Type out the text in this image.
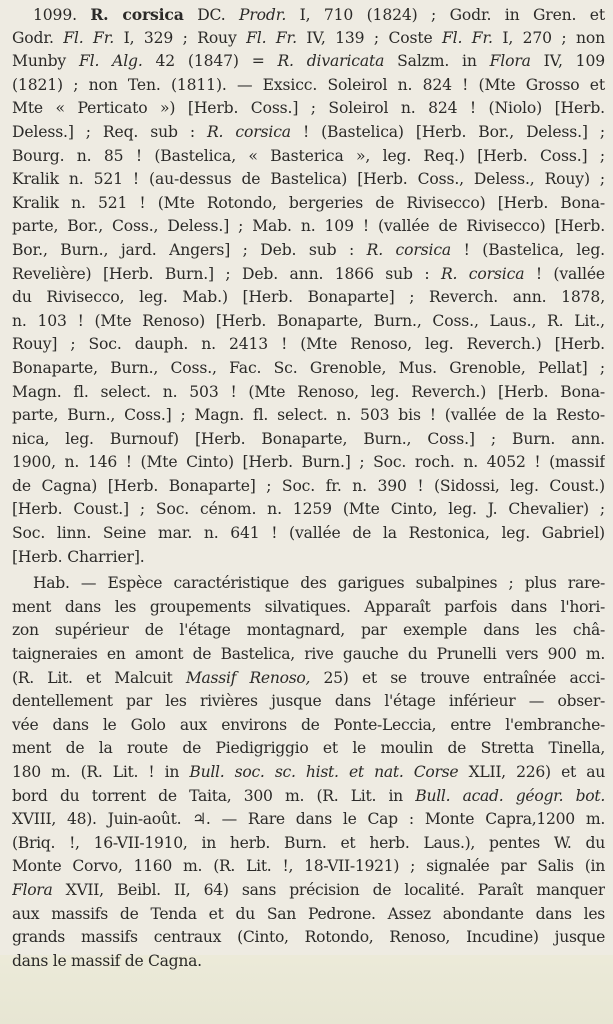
1099. R. corsica DC. Prodr. I, 710 (1824) ; Godr. in Gren. et
Godr. Fl. Fr. I, 329 ; Rouy Fl. Fr. IV, 139 ; Coste Fl. Fr. I, 270 ; non
Munby Fl. Alg. 42 (1847) = R. divaricata Salzm. in Flora IV, 109
(1821) ; non Ten. (1811). — Exsicc. Soleirol n. 824 ! (Mte Grosso et
Mte « Perticato ») [Herb. Coss.] ; Soleirol n. 824 ! (Niolo) [Herb.
Deless.] ; Req. sub : R. corsica ! (Bastelica) [Herb. Bor., Deless.] ;
Bourg. n. 85 ! (Bastelica, « Basterica », leg. Req.) [Herb. Coss.] ;
Kralik n. 521 ! (au-dessus de Bastelica) [Herb. Coss., Deless., Rouy) ;
Kralik n. 521 ! (Mte Rotondo, bergeries de Rivisecco) [Herb. Bona-
parte, Bor., Coss., Deless.] ; Mab. n. 109 ! (vallée de Rivisecco) [Herb.
Bor., Burn., jard. Angers] ; Deb. sub : R. corsica ! (Bastelica, leg.
Revelière) [Herb. Burn.] ; Deb. ann. 1866 sub : R. corsica ! (vallée
du Rivisecco, leg. Mab.) [Herb. Bonaparte] ; Reverch. ann. 1878,
n. 103 ! (Mte Renoso) [Herb. Bonaparte, Burn., Coss., Laus., R. Lit.,
Rouy] ; Soc. dauph. n. 2413 ! (Mte Renoso, leg. Reverch.) [Herb.
Bonaparte, Burn., Coss., Fac. Sc. Grenoble, Mus. Grenoble, Pellat] ;
Magn. fl. select. n. 503 ! (Mte Renoso, leg. Reverch.) [Herb. Bona-
parte, Burn., Coss.] ; Magn. fl. select. n. 503 bis ! (vallée de la Resto-
nica, leg. Burnouf) [Herb. Bonaparte, Burn., Coss.] ; Burn. ann.
1900, n. 146 ! (Mte Cinto) [Herb. Burn.] ; Soc. roch. n. 4052 ! (massif
de Cagna) [Herb. Bonaparte] ; Soc. fr. n. 390 ! (Sidossi, leg. Coust.)
[Herb. Coust.] ; Soc. cénom. n. 1259 (Mte Cinto, leg. J. Chevalier) ;
Soc. linn. Seine mar. n. 641 ! (vallée de la Restonica, leg. Gabriel)
[Herb. Charrier].
Hab. — Espèce caractéristique des garigues subalpines ; plus rare-
ment dans les groupements silvatiques. Apparaît parfois dans l'hori-
zon supérieur de l'étage montagnard, par exemple dans les châ-
taigneraies en amont de Bastelica, rive gauche du Prunelli vers 900 m.
(R. Lit. et Malcuit Massif Renoso, 25) et se trouve entraînée acci-
dentellement par les rivières jusque dans l'étage inférieur — obser-
vée dans le Golo aux environs de Ponte-Leccia, entre l'embranche-
ment de la route de Piedigriggio et le moulin de Stretta Tinella,
180 m. (R. Lit. ! in Bull. soc. sc. hist. et nat. Corse XLII, 226) et au
bord du torrent de Taita, 300 m. (R. Lit. in Bull. acad. géogr. bot.
XVIII, 48). Juin-août. ♃. — Rare dans le Cap : Monte Capra,1200 m.
(Briq. !, 16-VII-1910, in herb. Burn. et herb. Laus.), pentes W. du
Monte Corvo, 1160 m. (R. Lit. !, 18-VII-1921) ; signalée par Salis (in
Flora XVII, Beibl. II, 64) sans précision de localité. Paraît manquer
aux massifs de Tenda et du San Pedrone. Assez abondante dans les
grands massifs centraux (Cinto, Rotondo, Renoso, Incudine) jusque
dans le massif de Cagna.
